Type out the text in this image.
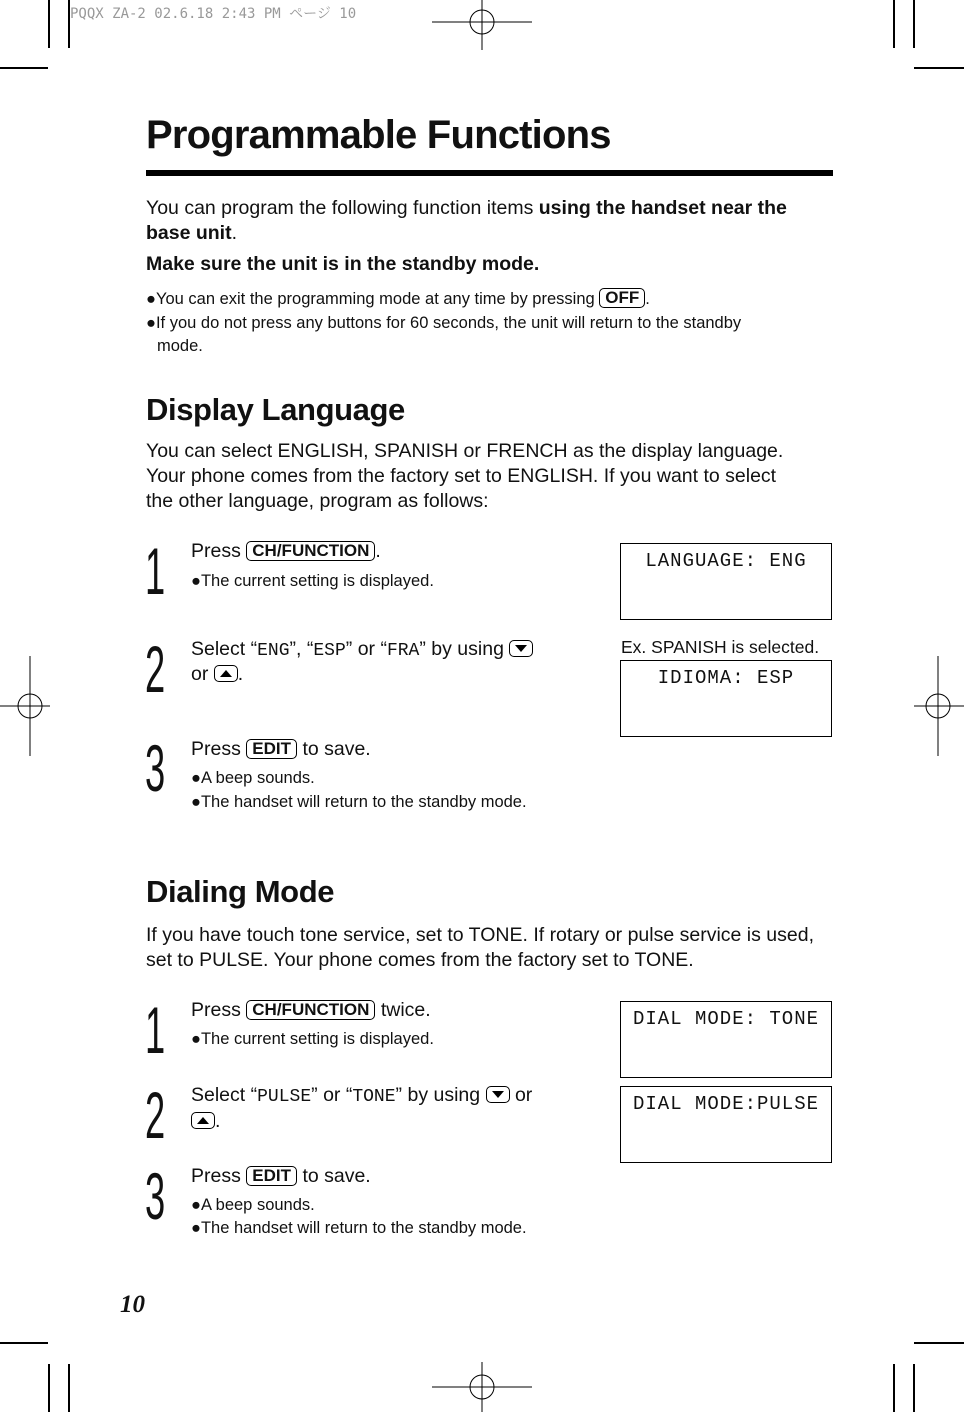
PQQX ZA-2 02.6.18 2:43 PM ページ 10
Programmable Functions
You can program the following function items using the handset near the base unit.
Make sure the unit is in the standby mode.
●You can exit the programming mode at any time by pressing OFF .
●If you do not press any buttons for 60 seconds, the unit will return to the standby
mode.
Display Language
You can select ENGLISH, SPANISH or FRENCH as the display language. Your phone comes from the factory set to ENGLISH. If you want to select the other language, program as follows:
1 Press CH/FUNCTION .
●The current setting is displayed.
2 Select “ENG”, “ESP” or “FRA” by using
or .
3 Press EDIT to save.
●A beep sounds.
●The handset will return to the standby mode.
LANGUAGE: ENG
Ex. SPANISH is selected.
IDIOMA: ESP
Dialing Mode
If you have touch tone service, set to TONE. If rotary or pulse service is used, set to PULSE. Your phone comes from the factory set to TONE.
1 Press CH/FUNCTION twice.
●The current setting is displayed.
2 Select “PULSE” or “TONE” by using or
.
3 Press EDIT to save.
●A beep sounds.
●The handset will return to the standby mode.
DIAL MODE: TONE
DIAL MODE:PULSE
10
